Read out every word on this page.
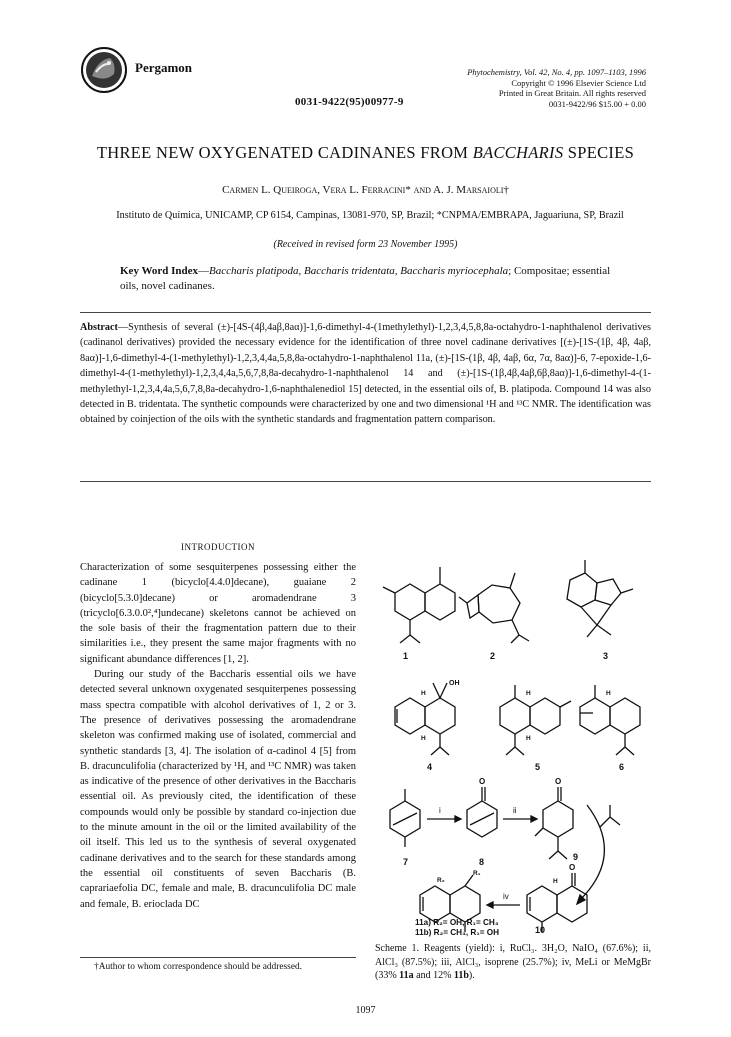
Pergamon
0031-9422(95)00977-9
Phytochemistry, Vol. 42, No. 4, pp. 1097–1103, 1996
Copyright © 1996 Elsevier Science Ltd
Printed in Great Britain. All rights reserved
0031-9422/96 $15.00 + 0.00
THREE NEW OXYGENATED CADINANES FROM BACCHARIS SPECIES
Carmen L. Queiroga, Vera L. Ferracini* and A. J. Marsaioli†
Instituto de Química, UNICAMP, CP 6154, Campinas, 13081-970, SP, Brazil; *CNPMA/EMBRAPA, Jaguariuna, SP, Brazil
(Received in revised form 23 November 1995)
Key Word Index—Baccharis platipoda, Baccharis tridentata, Baccharis myriocephala; Compositae; essential oils, novel cadinanes.
Abstract—Synthesis of several (±)-[4S-(4β,4aβ,8aα)]-1,6-dimethyl-4-(1methylethyl)-1,2,3,4,5,8,8a-octahydro-1-naphthalenol derivatives (cadinanol derivatives) provided the necessary evidence for the identification of three novel cadinane derivatives [(±)-[1S-(1β, 4β, 4aβ, 8aα)]-1,6-dimethyl-4-(1-methylethyl)-1,2,3,4,4a,5,8,8a-octahydro-1-naphthalenol 11a, (±)-[1S-(1β, 4β, 4aβ, 6α, 7α, 8aα)]-6, 7-epoxide-1,6-dimethyl-4-(1-methylethyl)-1,2,3,4,4a,5,6,7,8,8a-decahydro-1-naphthalenol 14 and (±)-[1S-(1β,4β,4aβ,6β,8aα)]-1,6-dimethyl-4-(1-methylethyl-1,2,3,4,4a,5,6,7,8,8a-decahydro-1,6-naphthalenediol 15] detected, in the essential oils of, B. platipoda. Compound 14 was also detected in B. tridentata. The synthetic compounds were characterized by one and two dimensional ¹H and ¹³C NMR. The identification was obtained by coinjection of the oils with the synthetic standards and fragmentation pattern comparison.
INTRODUCTION

Characterization of some sesquiterpenes possessing either the cadinane 1 (bicyclo[4.4.0]decane), guaiane 2 (bicyclo[5.3.0]decane) or aromadendrane 3 (tricyclo[6.3.0.0²,⁴]undecane) skeletons cannot be achieved on the sole basis of their the fragmentation pattern due to their similarities i.e., they present the same major fragments with no significant abundance differences [1, 2].

During our study of the Baccharis essential oils we have detected several unknown oxygenated sesquiterpenes possessing mass spectra compatible with alcohol derivatives of 1, 2 or 3. The presence of derivatives possessing the aromadendrane skeleton was confirmed making use of isolated, commercial and synthetic standards [3, 4]. The isolation of α-cadinol 4 [5] from B. dracunculifolia (characterized by ¹H, and ¹³C NMR) was taken as indicative of the presence of other derivatives in the Baccharis essential oil. As previously cited, the identification of these compounds would only be possible by standard co-injection due to the minute amount in the oil or the limited availability of the oil itself. This led us to the synthesis of several oxygenated cadinane derivatives and to the search for these standards among the essential oil constituents of seven Baccharis (B. caprariaefolia DC, female and male, B. dracunculifolia DC male and female, B. erioclada DC

1	2	3
OH
H
H
4
H
H
5
H
6
7
i
O
8
ii
O
9
R₂
R₁
iv
O
H
11a) R₂= OH, R₁= CH₃
11b) R₂= CH₃, R₁= OH	10
Scheme 1. Reagents (yield): i, RuCl₃. 3H₂O, NaIO₄ (67.6%); ii, AlCl₃ (87.5%); iii, AlCl₃, isoprene (25.7%); iv, MeLi or MeMgBr (33% 11a and 12% 11b).
†Author to whom correspondence should be addressed.
1097
